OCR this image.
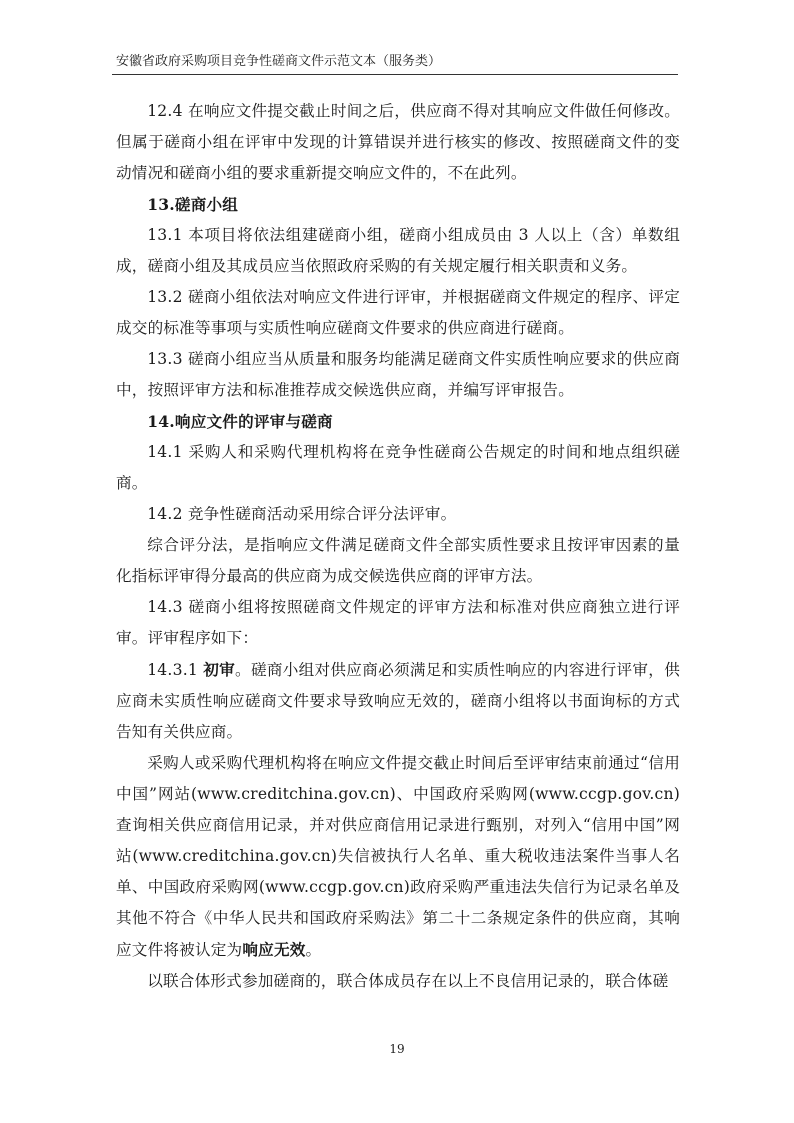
安徽省政府采购项目竞争性磋商文件示范文本（服务类）

12.4 在响应文件提交截止时间之后，供应商不得对其响应文件做任何修改。但属于磋商小组在评审中发现的计算错误并进行核实的修改、按照磋商文件的变动情况和磋商小组的要求重新提交响应文件的，不在此列。

13.磋商小组

13.1 本项目将依法组建磋商小组，磋商小组成员由 3 人以上（含）单数组成，磋商小组及其成员应当依照政府采购的有关规定履行相关职责和义务。

13.2 磋商小组依法对响应文件进行评审，并根据磋商文件规定的程序、评定成交的标准等事项与实质性响应磋商文件要求的供应商进行磋商。

13.3 磋商小组应当从质量和服务均能满足磋商文件实质性响应要求的供应商中，按照评审方法和标准推荐成交候选供应商，并编写评审报告。

14.响应文件的评审与磋商

14.1 采购人和采购代理机构将在竞争性磋商公告规定的时间和地点组织磋商。

14.2 竞争性磋商活动采用综合评分法评审。

综合评分法，是指响应文件满足磋商文件全部实质性要求且按评审因素的量化指标评审得分最高的供应商为成交候选供应商的评审方法。

14.3 磋商小组将按照磋商文件规定的评审方法和标准对供应商独立进行评审。评审程序如下：

14.3.1 初审。磋商小组对供应商必须满足和实质性响应的内容进行评审，供应商未实质性响应磋商文件要求导致响应无效的，磋商小组将以书面询标的方式告知有关供应商。

采购人或采购代理机构将在响应文件提交截止时间后至评审结束前通过“信用中国”网站(www.creditchina.gov.cn)、中国政府采购网(www.ccgp.gov.cn)查询相关供应商信用记录，并对供应商信用记录进行甄别，对列入“信用中国”网站(www.creditchina.gov.cn)失信被执行人名单、重大税收违法案件当事人名单、中国政府采购网(www.ccgp.gov.cn)政府采购严重违法失信行为记录名单及其他不符合《中华人民共和国政府采购法》第二十二条规定条件的供应商，其响应文件将被认定为响应无效。

以联合体形式参加磋商的，联合体成员存在以上不良信用记录的，联合体磋

19
